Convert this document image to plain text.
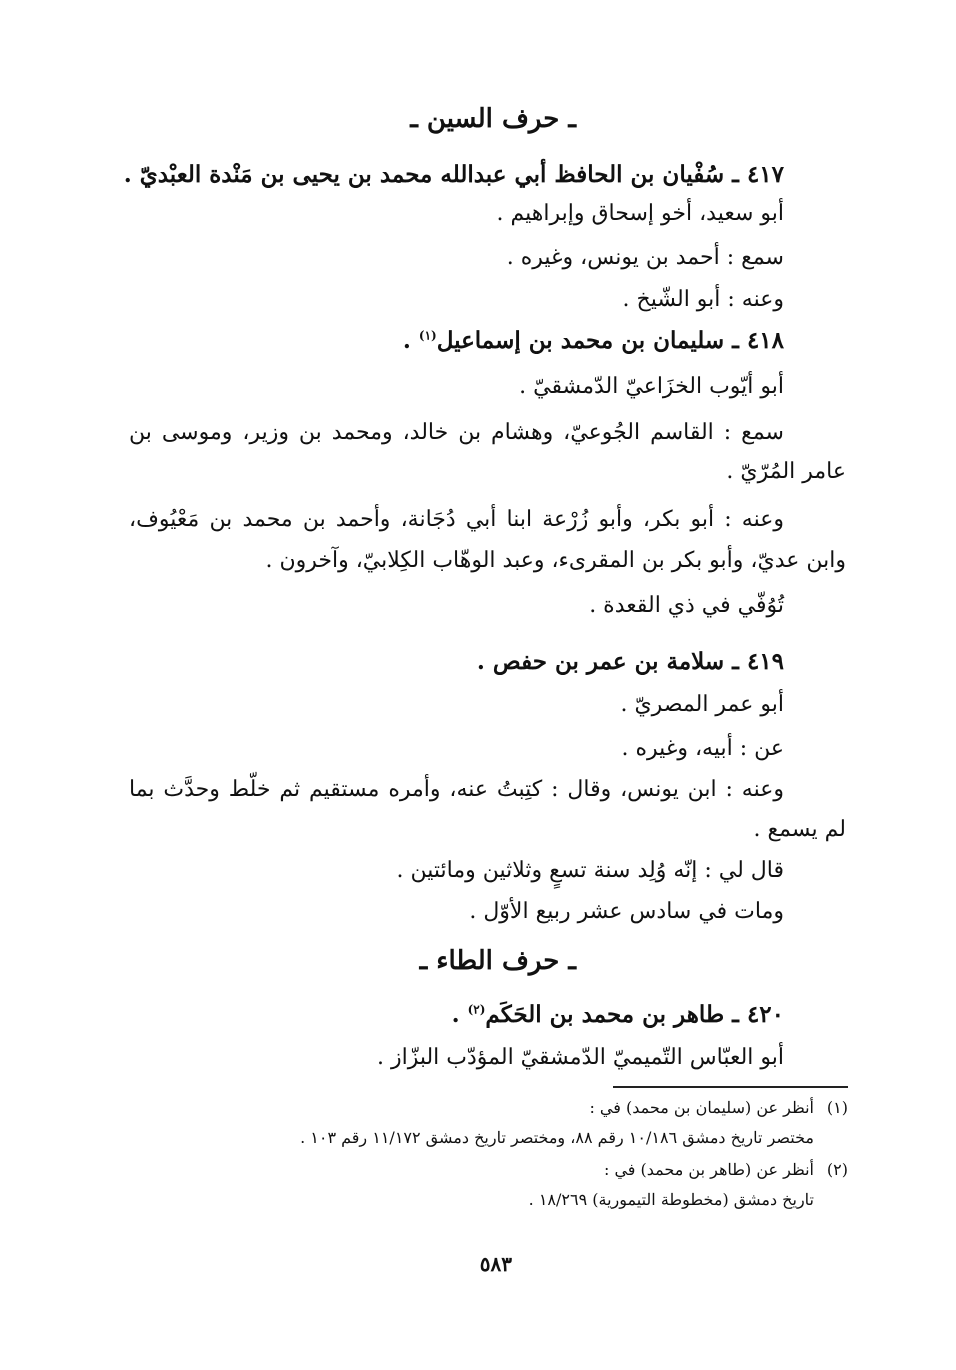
ـ حرف السين ـ
٤١٧ ـ سُفْيان بن الحافظ أبي عبدالله محمد بن يحيى بن مَنْدة العبْديّ .
أبو سعيد، أخو إسحاق وإبراهيم .
سمع : أحمد بن يونس، وغيره .
وعنه : أبو الشّيخ .
٤١٨ ـ سليمان بن محمد بن إسماعيل$^{(١)}$ .
أبو أيّوب الخزَاعيّ الدّمشقيّ .
سمع : القاسم الجُوعيّ، وهشام بن خالد، ومحمد بن وزير، وموسى بن
عامر المُرّيّ .
وعنه : أبو بكر، وأبو زُرْعة ابنا أبي دُجَانة، وأحمد بن محمد بن مَعْيُوف،
وابن عديّ، وأبو بكر بن المقرىء، وعبد الوهّاب الكِلابيّ، وآخرون .
تُوُفّي في ذي القعدة .
٤١٩ ـ سلامة بن عمر بن حفص .
أبو عمر المصريّ .
عن : أبيه، وغيره .
وعنه : ابن يونس، وقال : كتِبتُ عنه، وأمره مستقيم ثم خلّط وحدَّث بما
لم يسمع .
قال لي : إنّه وُلِد سنة تسعٍ وثلاثين ومائتين .
ومات في سادس عشر ربيع الأوّل .
ـ حرف الطاء ـ
٤٢٠ ـ طاهر بن محمد بن الحَكَم$^{(٢)}$ .
أبو العبّاس التّميميّ الدّمشقيّ المؤدّب البزّاز .
(١)
أنظر عن (سليمان بن محمد) في :
مختصر تاريخ دمشق ١٠/١٨٦ رقم ٨٨، ومختصر تاريخ دمشق ١١/١٧٢ رقم ١٠٣ .
(٢)
أنظر عن (طاهر بن محمد) في :
تاريخ دمشق (مخطوطة التيمورية) ١٨/٢٦٩ .
٥٨٣
